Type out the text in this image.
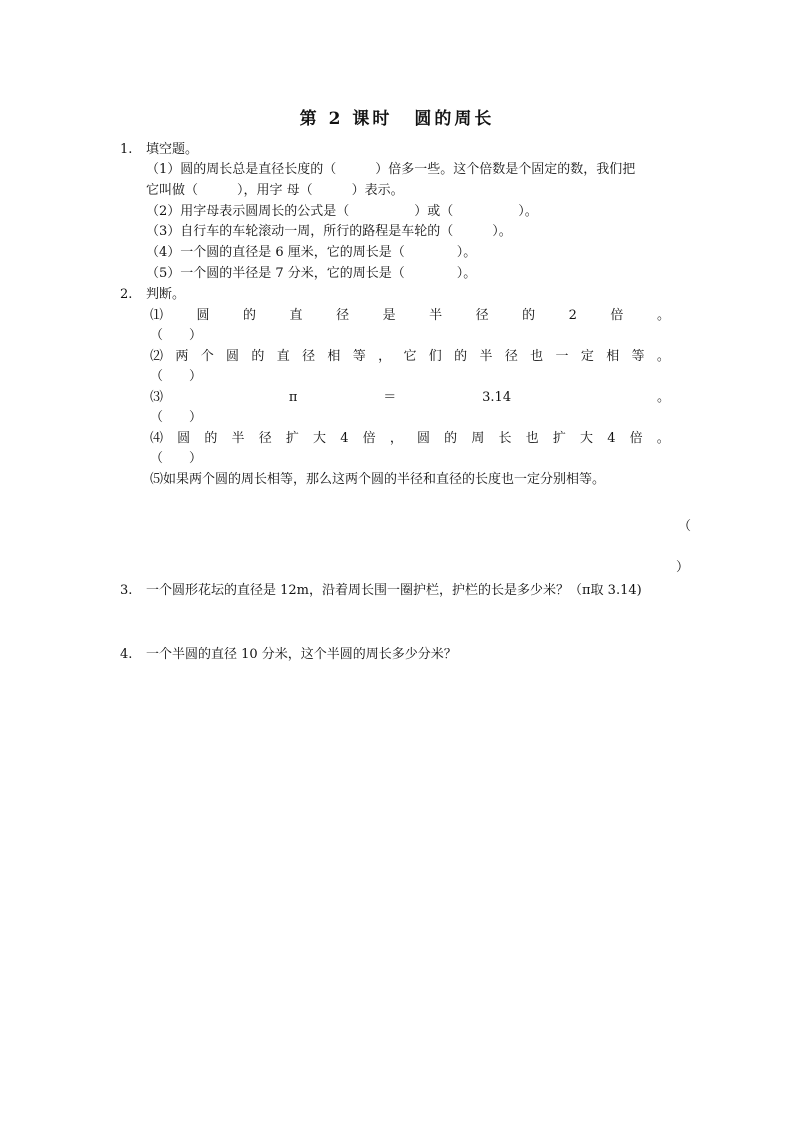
第 2 课时 圆的周长
1.	填空题。
（1）圆的周长总是直径长度的（　　　）倍多一些。这个倍数是个固定的数，我们把
它叫做（　　　），用字 母（　　　）表示。
（2）用字母表示圆周长的公式是（　　　　　）或（　　　　　）。
（3）自行车的车轮滚动一周，所行的路程是车轮的（　　　）。
（4）一个圆的直径是 6 厘米，它的周长是（　　　　）。
（5）一个圆的半径是 7 分米，它的周长是（　　　　）。
2.	判断。
⑴	圆	的	直	径	是	半	径	的	2	倍	。
（　　）
⑵ 两 个 圆 的 直 径 相 等 ， 它 们 的 半 径 也 一 定 相 等 。
（　　）
⑶	π	＝	3.14	。
（　　）
⑷ 圆 的 半 径 扩 大 4 倍 ， 圆 的 周 长 也 扩 大 4 倍 。
（　　）
⑸如果两个圆的周长相等，那么这两个圆的半径和直径的长度也一定分别相等。
（
）
3.	一个圆形花坛的直径是 12m，沿着周长围一圈护栏，护栏的长是多少米？（π取 3.14)
4.	一个半圆的直径 10 分米，这个半圆的周长多少分米？
